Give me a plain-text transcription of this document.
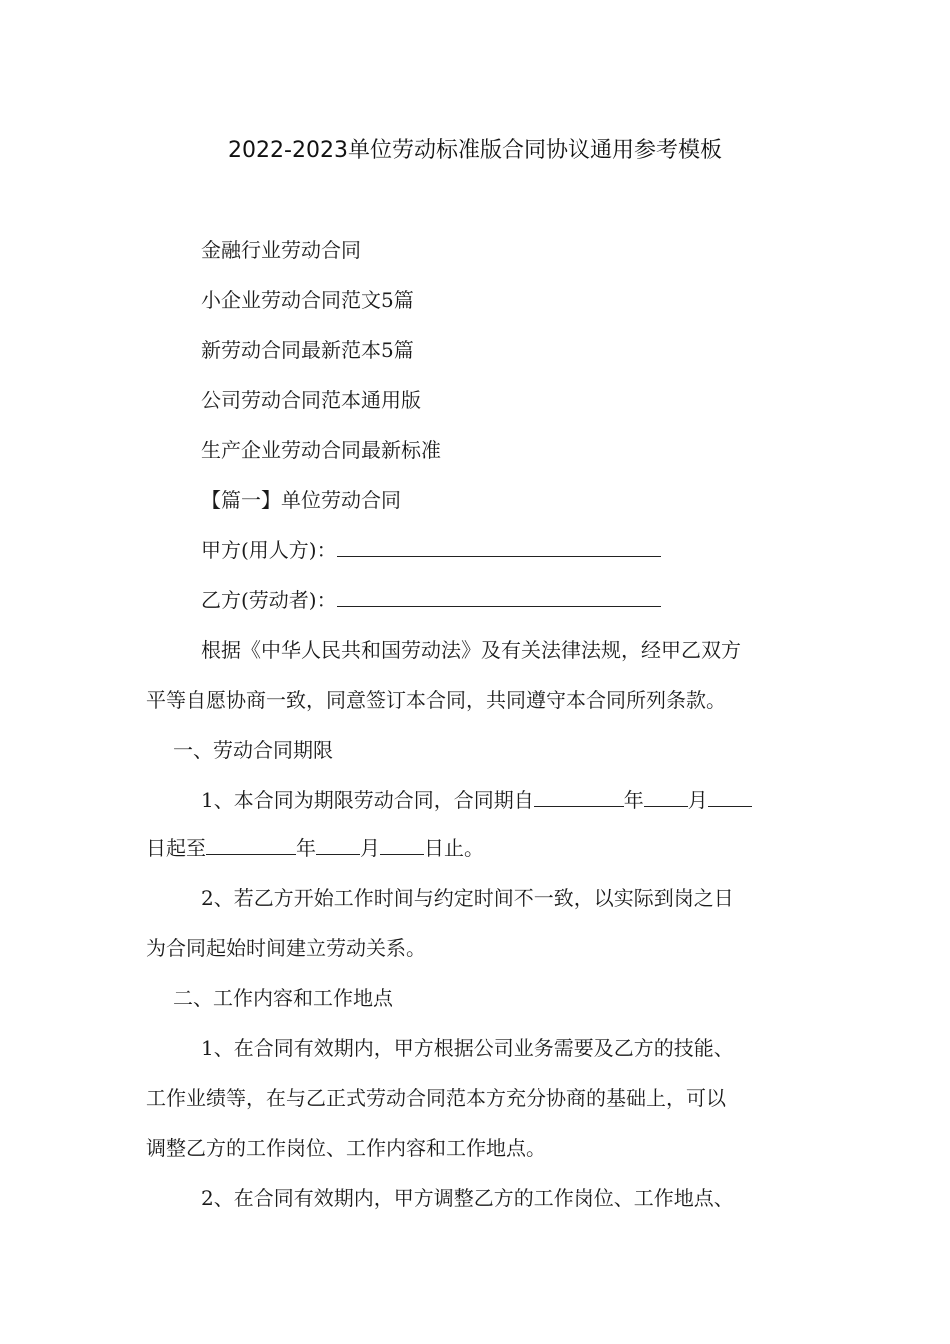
2022-2023单位劳动标准版合同协议通用参考模板
金融行业劳动合同
小企业劳动合同范文5篇
新劳动合同最新范本5篇
公司劳动合同范本通用版
生产企业劳动合同最新标准
【篇一】单位劳动合同
甲方(用人方)：
乙方(劳动者)：
根据《中华人民共和国劳动法》及有关法律法规，经甲乙双方
平等自愿协商一致，同意签订本合同，共同遵守本合同所列条款。
一、劳动合同期限
1、本合同为期限劳动合同，合同期自	年 月
日起至	年 月 日止。
2、若乙方开始工作时间与约定时间不一致，以实际到岗之日
为合同起始时间建立劳动关系。
二、工作内容和工作地点
1、在合同有效期内，甲方根据公司业务需要及乙方的技能、
工作业绩等，在与乙正式劳动合同范本方充分协商的基础上，可以
调整乙方的工作岗位、工作内容和工作地点。
2、在合同有效期内，甲方调整乙方的工作岗位、工作地点、
